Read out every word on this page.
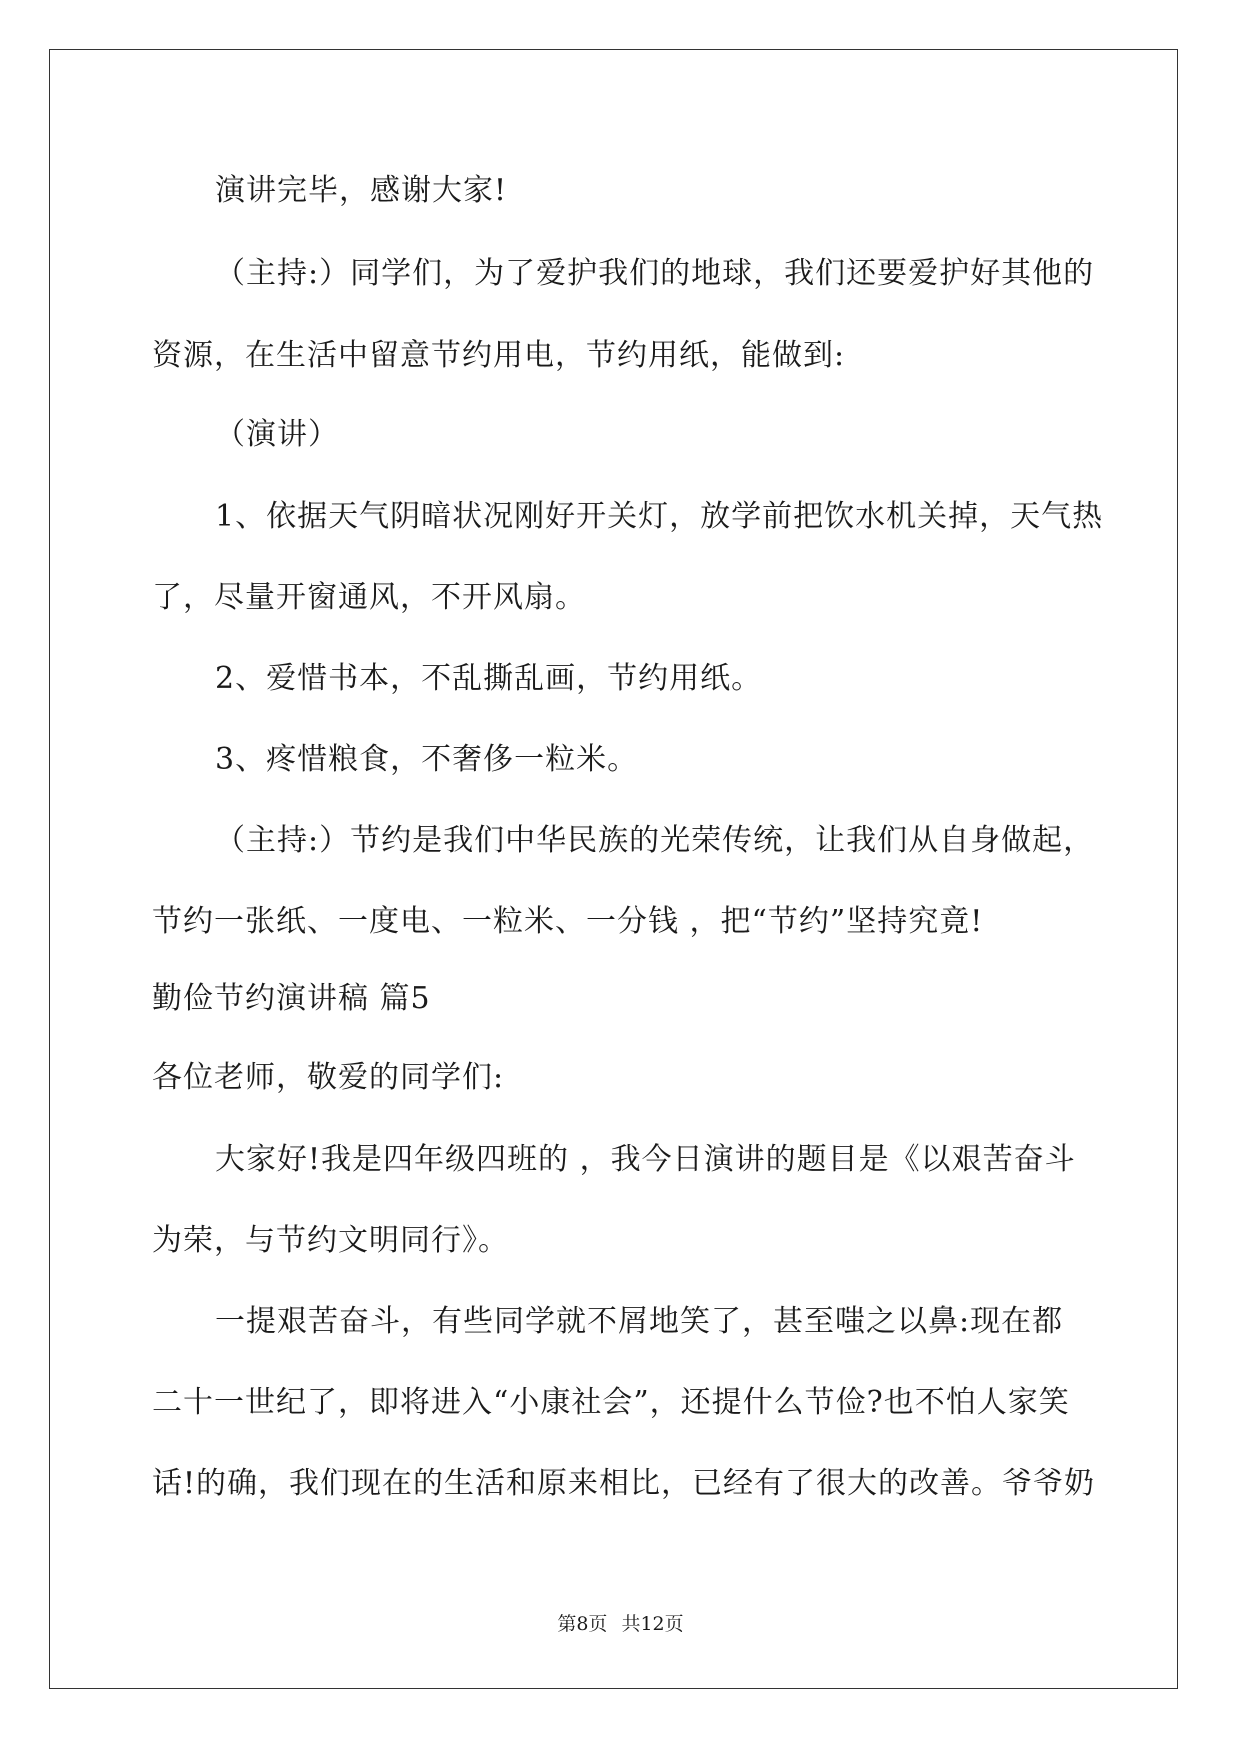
演讲完毕，感谢大家!
（主持:）同学们，为了爱护我们的地球，我们还要爱护好其他的
资源，在生活中留意节约用电，节约用纸，能做到:
（演讲）
1、依据天气阴暗状况刚好开关灯，放学前把饮水机关掉，天气热
了，尽量开窗通风，不开风扇。
2、爱惜书本，不乱撕乱画，节约用纸。
3、疼惜粮食，不奢侈一粒米。
（主持:）节约是我们中华民族的光荣传统，让我们从自身做起，
节约一张纸、一度电、一粒米、一分钱 ，把“节约”坚持究竟!
勤俭节约演讲稿 篇5
各位老师，敬爱的同学们:
大家好!我是四年级四班的 ，我今日演讲的题目是《以艰苦奋斗
为荣，与节约文明同行》。
一提艰苦奋斗，有些同学就不屑地笑了，甚至嗤之以鼻:现在都
二十一世纪了，即将进入“小康社会”，还提什么节俭?也不怕人家笑
话!的确，我们现在的生活和原来相比，已经有了很大的改善。爷爷奶
第8页 共12页
